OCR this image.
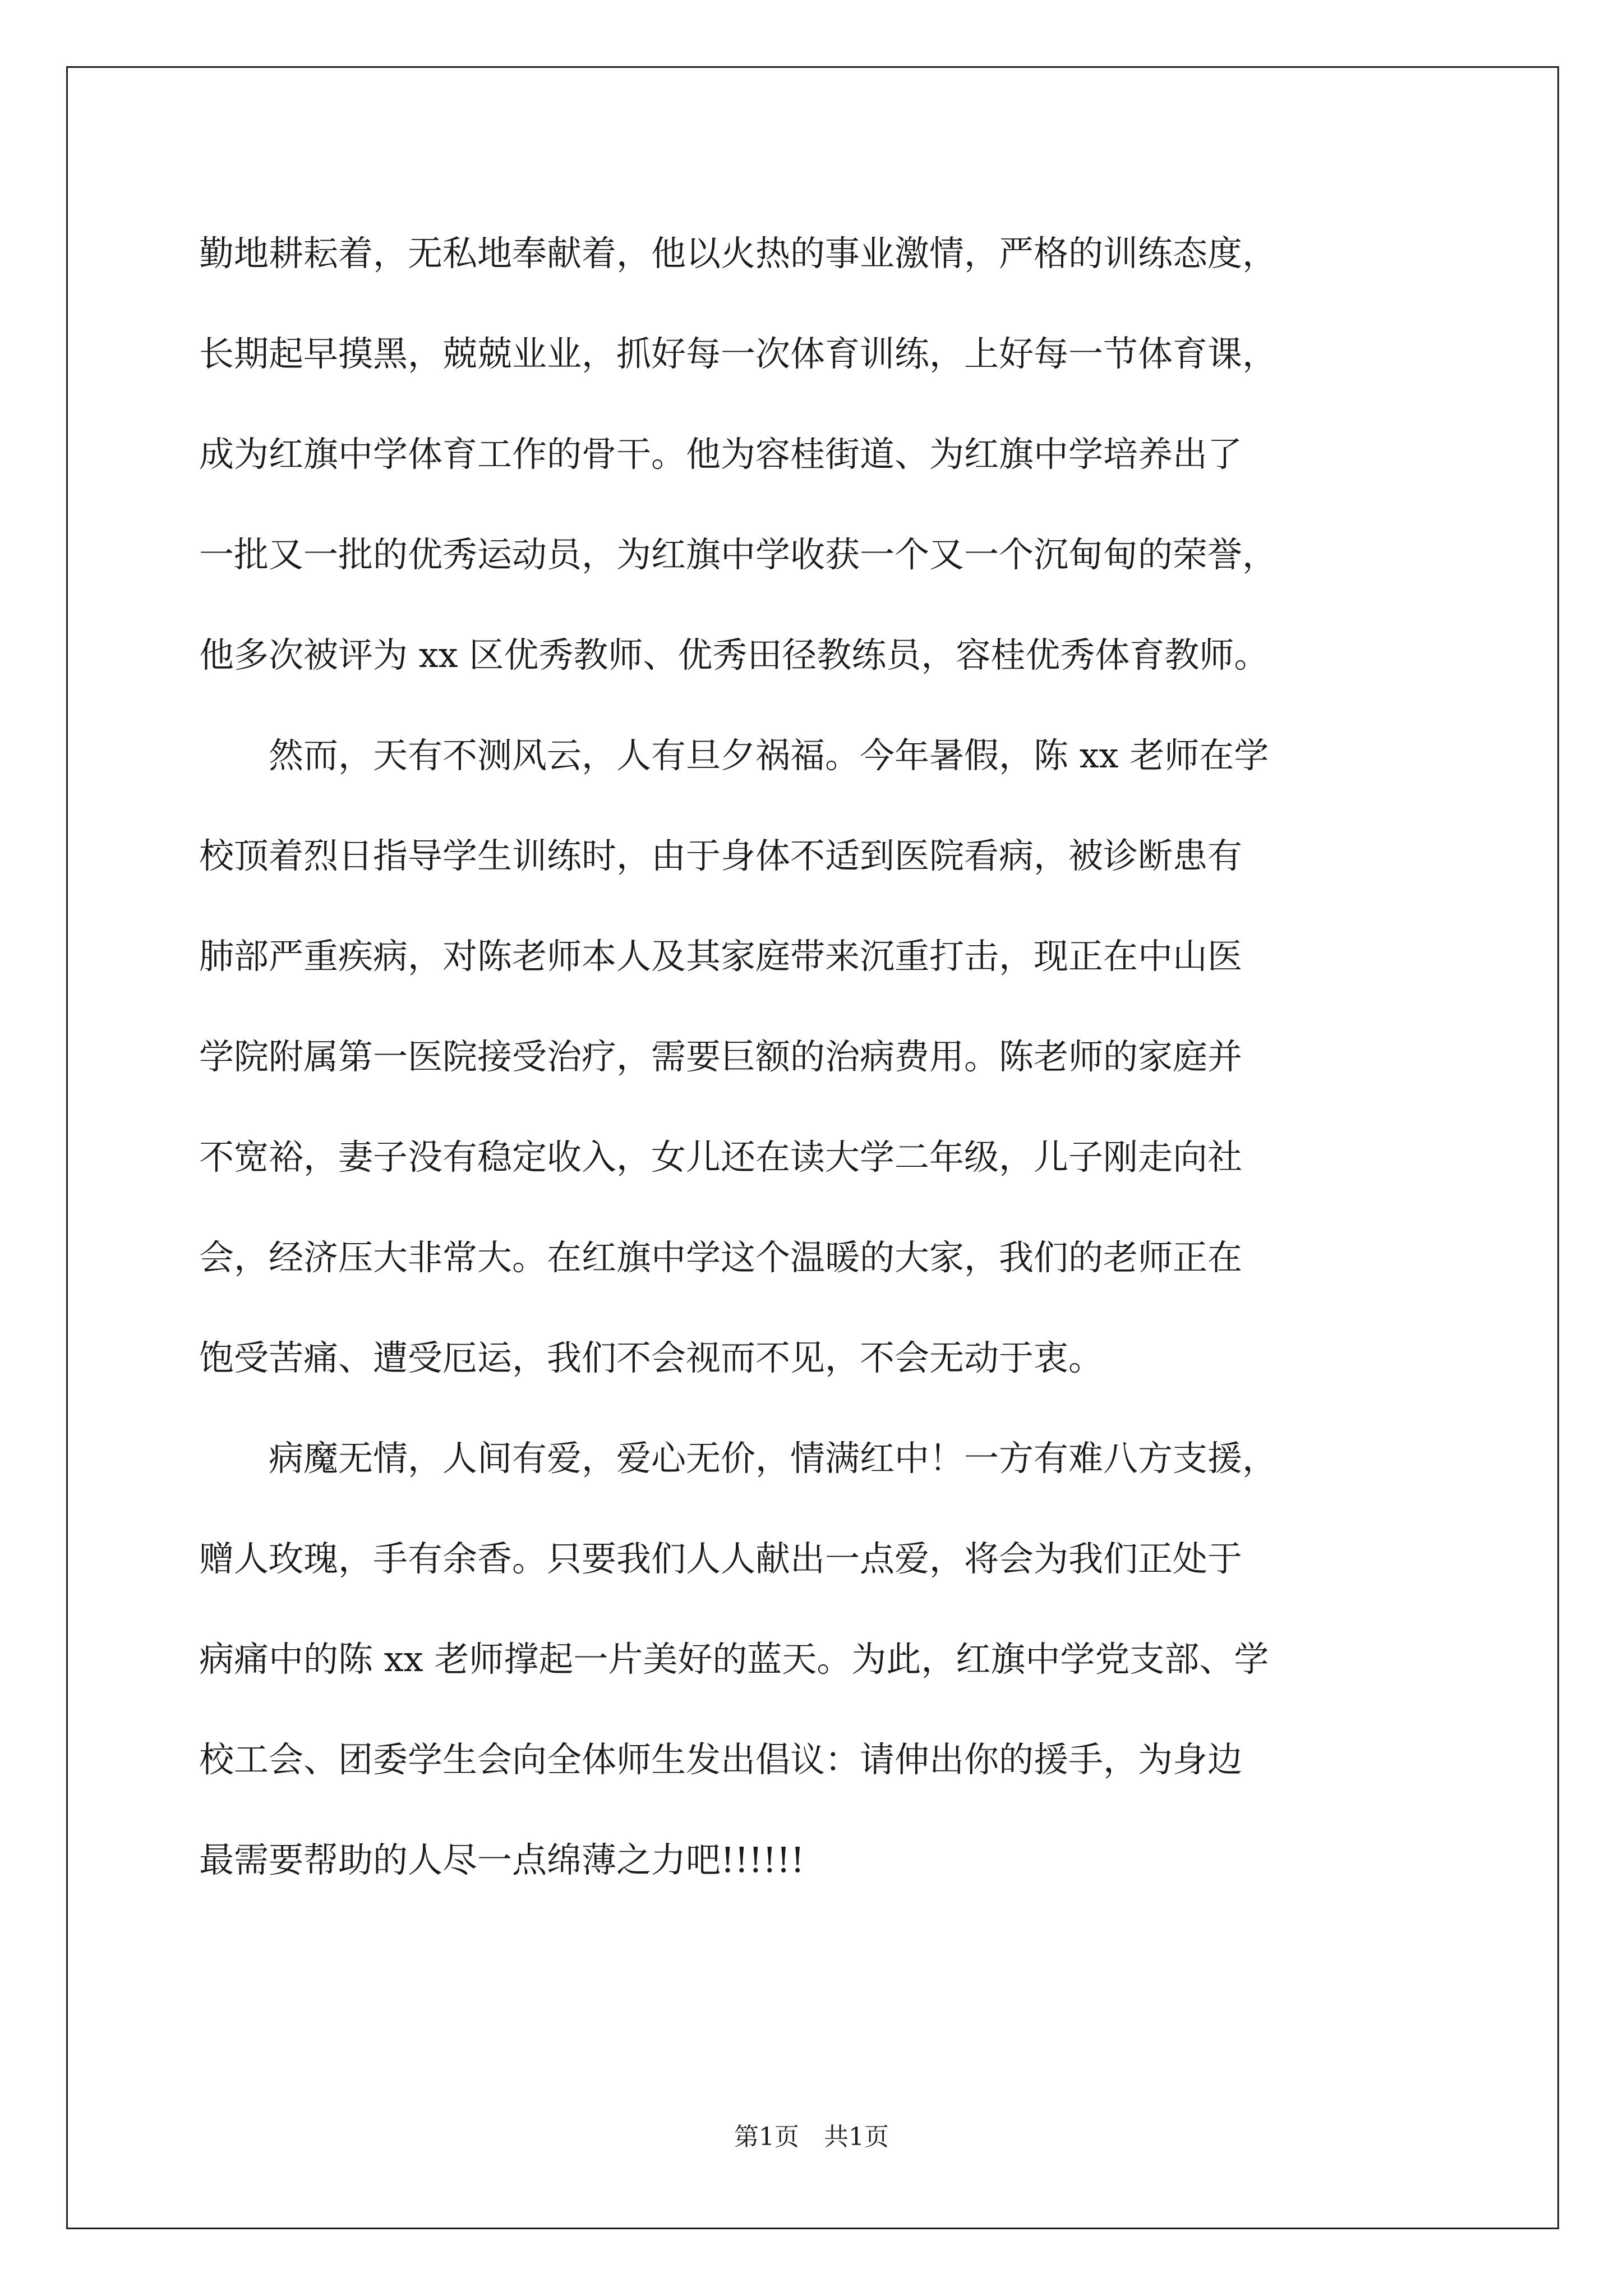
勤地耕耘着，无私地奉献着，他以火热的事业激情，严格的训练态度，
长期起早摸黑，兢兢业业，抓好每一次体育训练，上好每一节体育课，
成为红旗中学体育工作的骨干。他为容桂街道、为红旗中学培养出了
一批又一批的优秀运动员，为红旗中学收获一个又一个沉甸甸的荣誉，
他多次被评为 xx 区优秀教师、优秀田径教练员，容桂优秀体育教师。
　　然而，天有不测风云，人有旦夕祸福。今年暑假，陈 xx 老师在学
校顶着烈日指导学生训练时，由于身体不适到医院看病，被诊断患有
肺部严重疾病，对陈老师本人及其家庭带来沉重打击，现正在中山医
学院附属第一医院接受治疗，需要巨额的治病费用。陈老师的家庭并
不宽裕，妻子没有稳定收入，女儿还在读大学二年级，儿子刚走向社
会，经济压大非常大。在红旗中学这个温暖的大家，我们的老师正在
饱受苦痛、遭受厄运，我们不会视而不见，不会无动于衷。
　　病魔无情，人间有爱，爱心无价，情满红中！一方有难八方支援，
赠人玫瑰，手有余香。只要我们人人献出一点爱，将会为我们正处于
病痛中的陈 xx 老师撑起一片美好的蓝天。为此，红旗中学党支部、学
校工会、团委学生会向全体师生发出倡议：请伸出你的援手，为身边
最需要帮助的人尽一点绵薄之力吧!!!!!!
第1页 共1页
